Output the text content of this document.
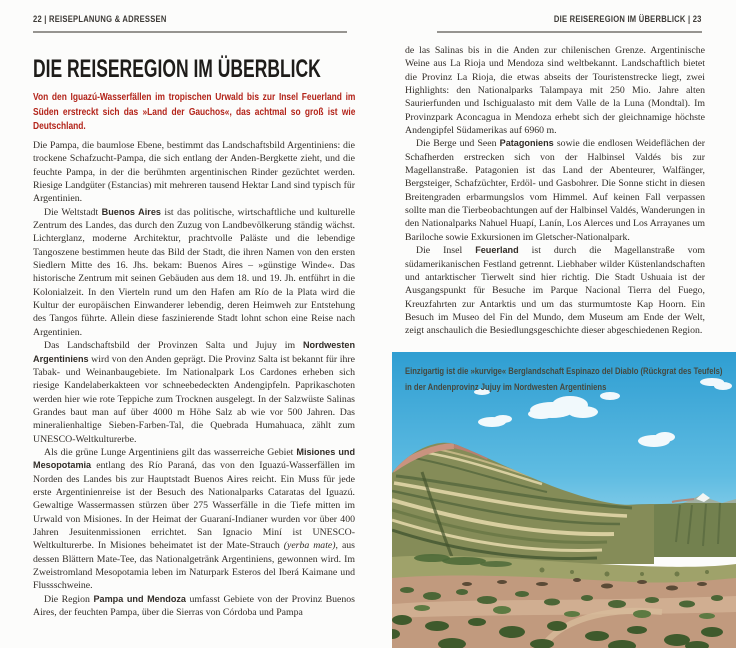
22 | REISEPLANUNG & ADRESSEN	DIE REISEREGION IM ÜBERBLICK | 23
DIE REISEREGION IM ÜBERBLICK
Von den Iguazú-Wasserfällen im tropischen Urwald bis zur Insel Feuerland im Süden erstreckt sich das »Land der Gauchos«, das achtmal so groß ist wie Deutschland.

Die Pampa, die baumlose Ebene, bestimmt das Landschaftsbild Argentiniens: die trockene Schafzucht-Pampa, die sich entlang der Anden-Bergkette zieht, und die feuchte Pampa, in der die berühmten argentinischen Rinder gezüchtet werden. Riesige Landgüter (Estancias) mit mehreren tausend Hektar Land sind typisch für Argentinien.

Die Weltstadt Buenos Aires ist das politische, wirtschaftliche und kulturelle Zentrum des Landes, das durch den Zuzug von Landbevölkerung ständig wächst. Lichterglanz, moderne Architektur, prachtvolle Paläste und die lebendige Tangoszene bestimmen heute das Bild der Stadt, die ihren Namen von den ersten Siedlern Mitte des 16. Jhs. bekam: Buenos Aires – »günstige Winde«. Das historische Zentrum mit seinen Gebäuden aus dem 18. und 19. Jh. entführt in die Kolonialzeit. In den Vierteln rund um den Hafen am Río de la Plata wird die Kultur der europäischen Einwanderer lebendig, deren Heimweh zur Entstehung des Tangos führte. Allein diese faszinierende Stadt lohnt schon eine Reise nach Argentinien.

Das Landschaftsbild der Provinzen Salta und Jujuy im Nordwesten Argentiniens wird von den Anden geprägt. Die Provinz Salta ist bekannt für ihre Tabak- und Weinanbaugebiete. Im Nationalpark Los Cardones erheben sich riesige Kandelaberkakteen vor schneebedeckten Andengipfeln. Paprikaschoten werden hier wie rote Teppiche zum Trocknen ausgelegt. In der Salzwüste Salinas Grandes baut man auf über 4000 m Höhe Salz ab wie vor 500 Jahren. Das mineralienhaltige Sieben-Farben-Tal, die Quebrada Humahuaca, zählt zum UNESCO-Weltkulturerbe.

Als die grüne Lunge Argentiniens gilt das wasserreiche Gebiet Misiones und Mesopotamia entlang des Río Paraná, das von den Iguazú-Wasserfällen im Norden des Landes bis zur Hauptstadt Buenos Aires reicht. Ein Muss für jede erste Argentinienreise ist der Besuch des Nationalparks Cataratas del Iguazú. Gewaltige Wassermassen stürzen über 275 Wasserfälle in die Tiefe mitten im Urwald von Misiones. In der Heimat der Guaraní-Indianer wurden vor über 400 Jahren Jesuitenmissionen errichtet. San Ignacio Miní ist UNESCO-Weltkulturerbe. In Misiones beheimatet ist der Mate-Strauch (yerba mate), aus dessen Blättern Mate-Tee, das Nationalgetränk Argentiniens, gewonnen wird. Im Zweistromland Mesopotamia leben im Naturpark Esteros del Iberá Kaimane und Flussschweine.

Die Region Pampa und Mendoza umfasst Gebiete von der Provinz Buenos Aires, der feuchten Pampa, über die Sierras von Córdoba und Pampa

de las Salinas bis in die Anden zur chilenischen Grenze. Argentinische Weine aus La Rioja und Mendoza sind weltbekannt. Landschaftlich bietet die Provinz La Rioja, die etwas abseits der Touristenstrecke liegt, zwei Highlights: den Nationalparks Talampaya mit 250 Mio. Jahre alten Saurierfunden und Ischigualasto mit dem Valle de la Luna (Mondtal). Im Provinzpark Aconcagua in Mendoza erhebt sich der gleichnamige höchste Andengipfel Südamerikas auf 6960 m.

Die Berge und Seen Patagoniens sowie die endlosen Weideflächen der Schafherden erstrecken sich von der Halbinsel Valdés bis zur Magellanstraße. Patagonien ist das Land der Abenteurer, Walfänger, Bergsteiger, Schafzüchter, Erdöl- und Gasbohrer. Die Sonne sticht in diesen Breitengraden erbarmungslos vom Himmel. Auf keinen Fall verpassen sollte man die Tierbeobachtungen auf der Halbinsel Valdés, Wanderungen in den Nationalparks Nahuel Huapí, Lanín, Los Alerces und Los Arrayanes um Bariloche sowie Exkursionen im Gletscher-Nationalpark.

Die Insel Feuerland ist durch die Magellanstraße vom südamerikanischen Festland getrennt. Liebhaber wilder Küstenlandschaften und antarktischer Tierwelt sind hier richtig. Die Stadt Ushuaia ist der Ausgangspunkt für Besuche im Parque Nacional Tierra del Fuego, Kreuzfahrten zur Antarktis und um das sturmumtoste Kap Hoorn. Ein Besuch im Museo del Fin del Mundo, dem Museum am Ende der Welt, zeigt anschaulich die Besiedlungsgeschichte dieser abgeschiedenen Region.

Einzigartig ist die »kurvige« Berglandschaft Espinazo del Diablo (Rückgrat des Teufels)
in der Andenprovinz Jujuy im Nordwesten Argentiniens
